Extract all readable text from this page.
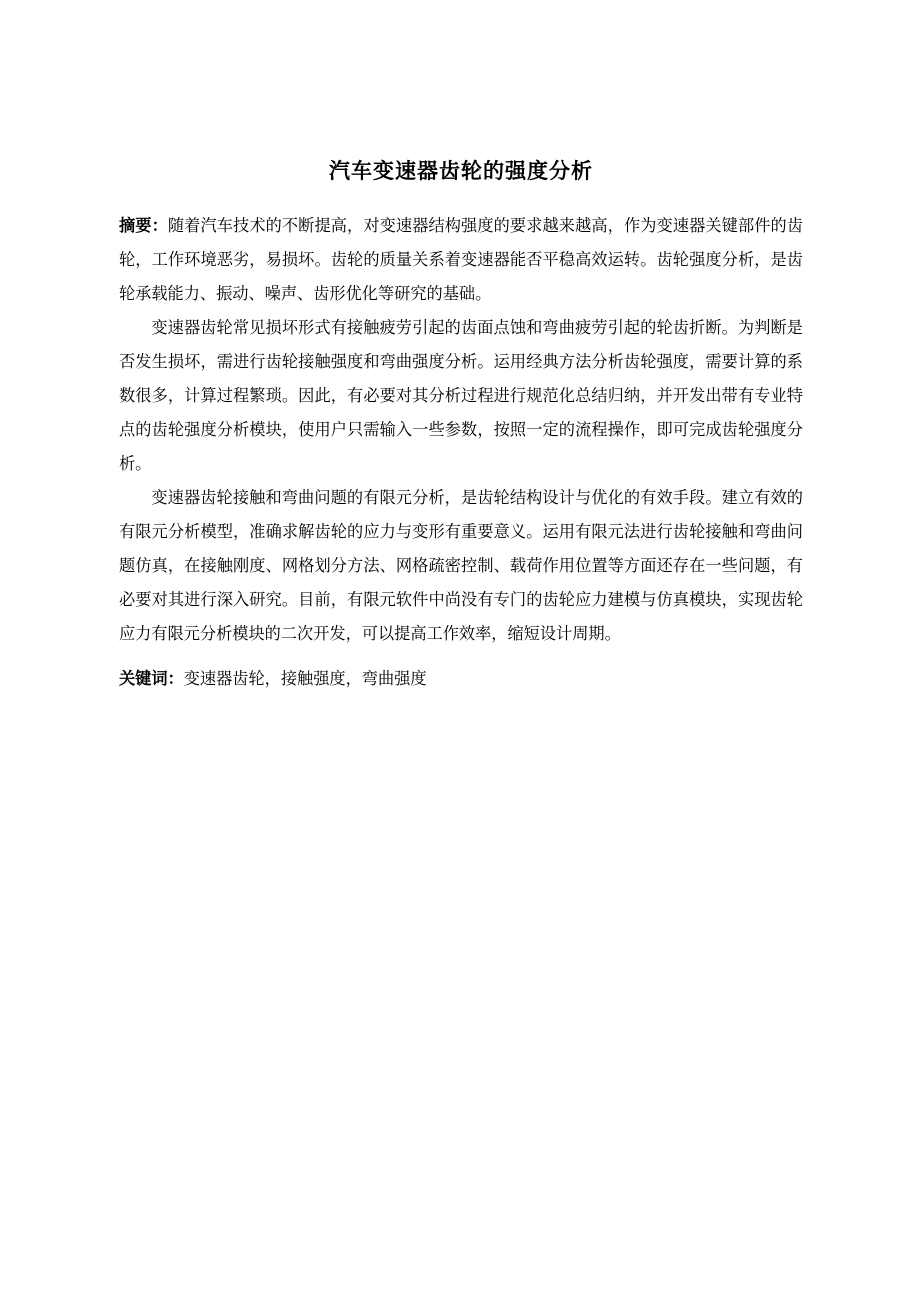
汽车变速器齿轮的强度分析

摘要：随着汽车技术的不断提高，对变速器结构强度的要求越来越高，作为变速器关键部件的齿轮，工作环境恶劣，易损坏。齿轮的质量关系着变速器能否平稳高效运转。齿轮强度分析，是齿轮承载能力、振动、噪声、齿形优化等研究的基础。

变速器齿轮常见损坏形式有接触疲劳引起的齿面点蚀和弯曲疲劳引起的轮齿折断。为判断是否发生损坏，需进行齿轮接触强度和弯曲强度分析。运用经典方法分析齿轮强度，需要计算的系数很多，计算过程繁琐。因此，有必要对其分析过程进行规范化总结归纳，并开发出带有专业特点的齿轮强度分析模块，使用户只需输入一些参数，按照一定的流程操作，即可完成齿轮强度分析。

变速器齿轮接触和弯曲问题的有限元分析，是齿轮结构设计与优化的有效手段。建立有效的有限元分析模型，准确求解齿轮的应力与变形有重要意义。运用有限元法进行齿轮接触和弯曲问题仿真，在接触刚度、网格划分方法、网格疏密控制、载荷作用位置等方面还存在一些问题，有必要对其进行深入研究。目前，有限元软件中尚没有专门的齿轮应力建模与仿真模块，实现齿轮应力有限元分析模块的二次开发，可以提高工作效率，缩短设计周期。

关键词：变速器齿轮，接触强度，弯曲强度
